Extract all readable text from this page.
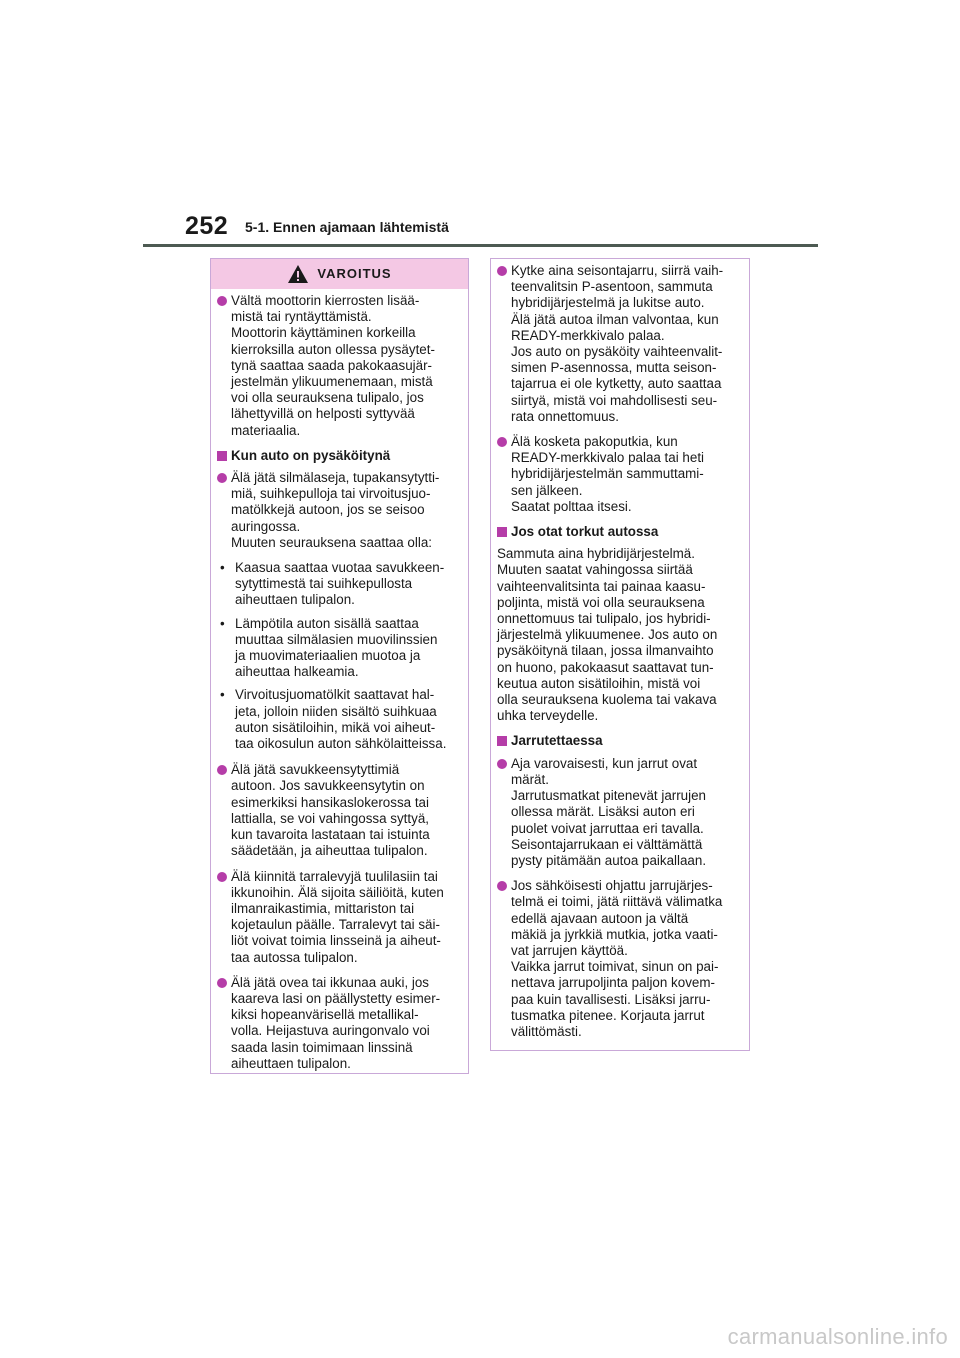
252 5-1. Ennen ajamaan lähtemistä
VAROITUS
Vältä moottorin kierrosten lisää-
mistä tai ryntäyttämistä.
Moottorin käyttäminen korkeilla
kierroksilla auton ollessa pysäytet-
tynä saattaa saada pakokaasujär-
jestelmän ylikuumenemaan, mistä
voi olla seurauksena tulipalo, jos
lähettyvillä on helposti syttyvää
materiaalia.
Kun auto on pysäköitynä
Älä jätä silmälaseja, tupakansytytti-
miä, suihkepulloja tai virvoitusjuo-
matölkkejä autoon, jos se seisoo
auringossa.
Muuten seurauksena saattaa olla:
• Kaasua saattaa vuotaa savukkeen-
sytyttimestä tai suihkepullosta
aiheuttaen tulipalon.
• Lämpötila auton sisällä saattaa
muuttaa silmälasien muovilinssien
ja muovimateriaalien muotoa ja
aiheuttaa halkeamia.
• Virvoitusjuomatölkit saattavat hal-
jeta, jolloin niiden sisältö suihkuaa
auton sisätiloihin, mikä voi aiheut-
taa oikosulun auton sähkölaitteissa.
Älä jätä savukkeensytyttimiä
autoon. Jos savukkeensytytin on
esimerkiksi hansikaslokerossa tai
lattialla, se voi vahingossa syttyä,
kun tavaroita lastataan tai istuinta
säädetään, ja aiheuttaa tulipalon.
Älä kiinnitä tarralevyjä tuulilasiin tai
ikkunoihin. Älä sijoita säiliöitä, kuten
ilmanraikastimia, mittariston tai
kojetaulun päälle. Tarralevyt tai säi-
liöt voivat toimia linsseinä ja aiheut-
taa autossa tulipalon.
Älä jätä ovea tai ikkunaa auki, jos
kaareva lasi on päällystetty esimer-
kiksi hopeanvärisellä metallikal-
volla. Heijastuva auringonvalo voi
saada lasin toimimaan linssinä
aiheuttaen tulipalon.
Kytke aina seisontajarru, siirrä vaih-
teenvalitsin P-asentoon, sammuta
hybridijärjestelmä ja lukitse auto.
Älä jätä autoa ilman valvontaa, kun
READY-merkkivalo palaa.
Jos auto on pysäköity vaihteenvalit-
simen P-asennossa, mutta seison-
tajarrua ei ole kytketty, auto saattaa
siirtyä, mistä voi mahdollisesti seu-
rata onnettomuus.
Älä kosketa pakoputkia, kun
READY-merkkivalo palaa tai heti
hybridijärjestelmän sammuttami-
sen jälkeen.
Saatat polttaa itsesi.
Jos otat torkut autossa
Sammuta aina hybridijärjestelmä.
Muuten saatat vahingossa siirtää
vaihteenvalitsinta tai painaa kaasu-
poljinta, mistä voi olla seurauksena
onnettomuus tai tulipalo, jos hybridi-
järjestelmä ylikuumenee. Jos auto on
pysäköitynä tilaan, jossa ilmanvaihto
on huono, pakokaasut saattavat tun-
keutua auton sisätiloihin, mistä voi
olla seurauksena kuolema tai vakava
uhka terveydelle.
Jarrutettaessa
Aja varovaisesti, kun jarrut ovat
märät.
Jarrutusmatkat pitenevät jarrujen
ollessa märät. Lisäksi auton eri
puolet voivat jarruttaa eri tavalla.
Seisontajarrukaan ei välttämättä
pysty pitämään autoa paikallaan.
Jos sähköisesti ohjattu jarrujärjes-
telmä ei toimi, jätä riittävä välimatka
edellä ajavaan autoon ja vältä
mäkiä ja jyrkkiä mutkia, jotka vaati-
vat jarrujen käyttöä.
Vaikka jarrut toimivat, sinun on pai-
nettava jarrupoljinta paljon kovem-
paa kuin tavallisesti. Lisäksi jarru-
tusmatka pitenee. Korjauta jarrut
välittömästi.
carmanualsonline.info
